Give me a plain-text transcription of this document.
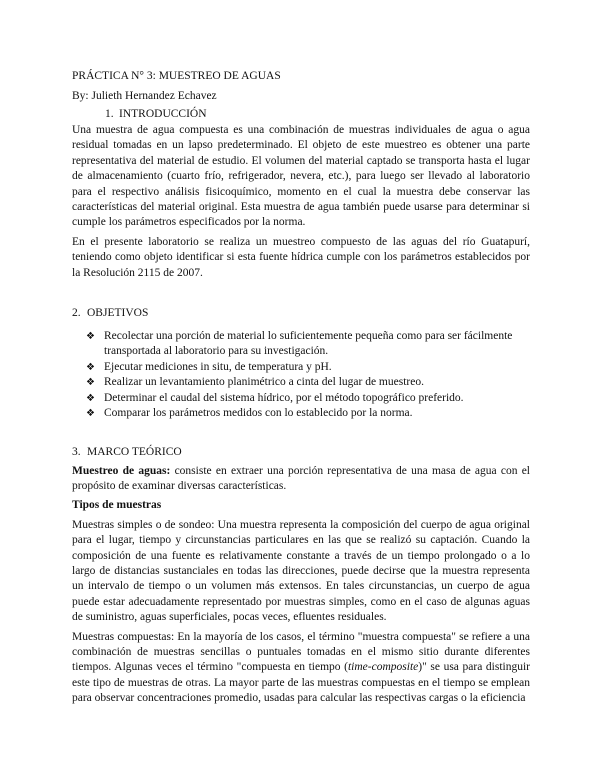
PRÁCTICA N° 3: MUESTREO DE AGUAS

By: Julieth Hernandez Echavez

1. INTRODUCCIÓN

Una muestra de agua compuesta es una combinación de muestras individuales de agua o agua residual tomadas en un lapso predeterminado. El objeto de este muestreo es obtener una parte representativa del material de estudio. El volumen del material captado se transporta hasta el lugar de almacenamiento (cuarto frío, refrigerador, nevera, etc.), para luego ser llevado al laboratorio para el respectivo análisis fisicoquímico, momento en el cual la muestra debe conservar las características del material original. Esta muestra de agua también puede usarse para determinar si cumple los parámetros especificados por la norma.

En el presente laboratorio se realiza un muestreo compuesto de las aguas del río Guatapurí, teniendo como objeto identificar si esta fuente hídrica cumple con los parámetros establecidos por la Resolución 2115 de 2007.

2. OBJETIVOS

❖ Recolectar una porción de material lo suficientemente pequeña como para ser fácilmente transportada al laboratorio para su investigación.
❖ Ejecutar mediciones in situ, de temperatura y pH.
❖ Realizar un levantamiento planimétrico a cinta del lugar de muestreo.
❖ Determinar el caudal del sistema hídrico, por el método topográfico preferido.
❖ Comparar los parámetros medidos con lo establecido por la norma.

3. MARCO TEÓRICO

Muestreo de aguas: consiste en extraer una porción representativa de una masa de agua con el propósito de examinar diversas características.

Tipos de muestras

Muestras simples o de sondeo: Una muestra representa la composición del cuerpo de agua original para el lugar, tiempo y circunstancias particulares en las que se realizó su captación. Cuando la composición de una fuente es relativamente constante a través de un tiempo prolongado o a lo largo de distancias sustanciales en todas las direcciones, puede decirse que la muestra representa un intervalo de tiempo o un volumen más extensos. En tales circunstancias, un cuerpo de agua puede estar adecuadamente representado por muestras simples, como en el caso de algunas aguas de suministro, aguas superficiales, pocas veces, efluentes residuales.

Muestras compuestas: En la mayoría de los casos, el término "muestra compuesta" se refiere a una combinación de muestras sencillas o puntuales tomadas en el mismo sitio durante diferentes tiempos. Algunas veces el término "compuesta en tiempo (time-composite)" se usa para distinguir este tipo de muestras de otras. La mayor parte de las muestras compuestas en el tiempo se emplean para observar concentraciones promedio, usadas para calcular las respectivas cargas o la eficiencia
